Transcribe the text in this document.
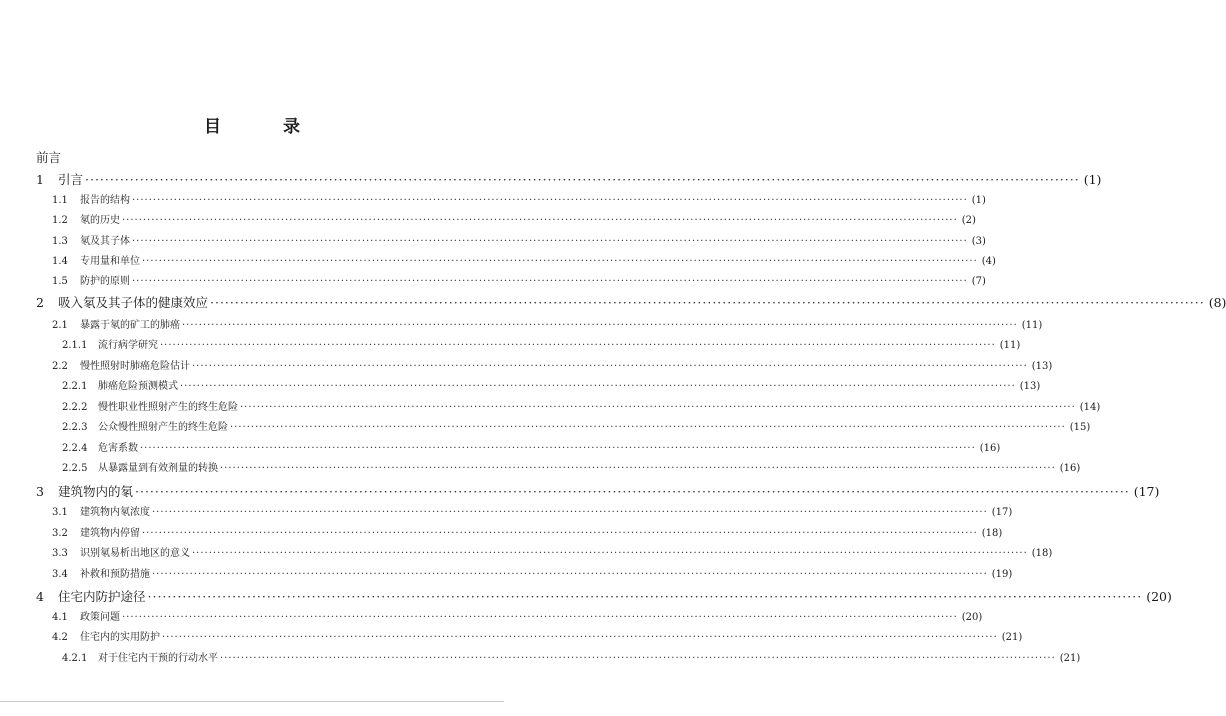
目 录
前言
1	引言 ········································································································································································································ (1)
1.1	报告的结构 ········································································································································································································ (1)
1.2	氡的历史 ········································································································································································································ (2)
1.3	氡及其子体 ········································································································································································································ (3)
1.4	专用量和单位 ········································································································································································································ (4)
1.5	防护的原则 ········································································································································································································ (7)
2	吸入氡及其子体的健康效应 ········································································································································································································ (8)
2.1	暴露于氡的矿工的肺癌 ········································································································································································································ (11)
2.1.1	流行病学研究 ········································································································································································································ (11)
2.2	慢性照射时肺癌危险估计 ········································································································································································································ (13)
2.2.1	肺癌危险预测模式 ········································································································································································································ (13)
2.2.2	慢性职业性照射产生的终生危险 ········································································································································································································ (14)
2.2.3	公众慢性照射产生的终生危险 ········································································································································································································ (15)
2.2.4	危害系数 ········································································································································································································ (16)
2.2.5	从暴露量到有效剂量的转换 ········································································································································································································ (16)
3	建筑物内的氡 ········································································································································································································ (17)
3.1	建筑物内氡浓度 ········································································································································································································ (17)
3.2	建筑物内停留 ········································································································································································································ (18)
3.3	识别氡易析出地区的意义 ········································································································································································································ (18)
3.4	补救和预防措施 ········································································································································································································ (19)
4	住宅内防护途径 ········································································································································································································ (20)
4.1	政策问题 ········································································································································································································ (20)
4.2	住宅内的实用防护 ········································································································································································································ (21)
4.2.1	对于住宅内干预的行动水平 ········································································································································································································ (21)
